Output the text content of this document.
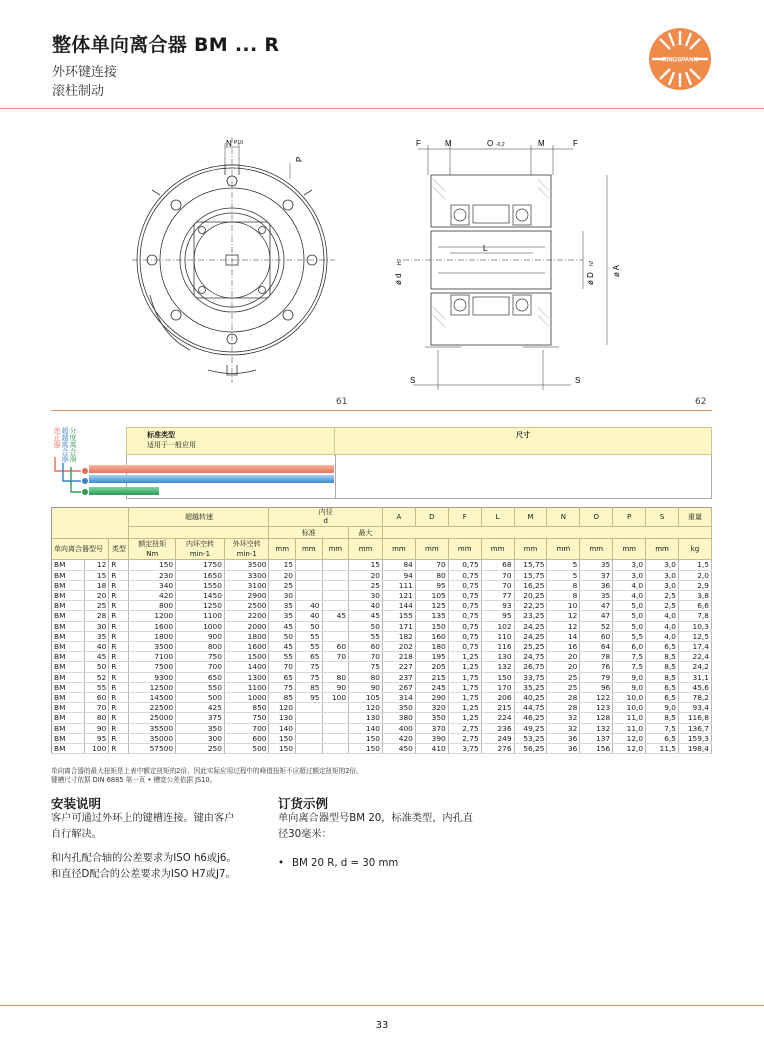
整体单向离合器 BM ... R
外环键连接
滚柱制动
RINGSPANN
N P10
P
F	M	O -0,2	M	F
L
ø d
H7
ø D
h7
ø A
S	S
61	62
逆止器 超越离合器 分度离合器	标准类型
适用于一般应用
尺寸
			超越转速			内径
d				A	D	F	L	M	N	O	P	S	重量
						标准			最大										
单向离合器型号		类型	额定扭矩
Nm	内环空转
min-1	外环空转
min-1	mm	mm	mm	mm	mm	mm	mm	mm	mm	mm	mm	mm	mm	kg
BM	12	R	150	1750	3500	15			15	84	70	0,75	68	15,75	5	35	3,0	3,0	1,5
BM	15	R	230	1650	3300	20			20	94	80	0,75	70	15,75	5	37	3,0	3,0	2,0
BM	18	R	340	1550	3100	25			25	111	95	0,75	70	16,25	8	36	4,0	3,0	2,9
BM	20	R	420	1450	2900	30			30	121	105	0,75	77	20,25	8	35	4,0	2,5	3,8
BM	25	R	800	1250	2500	35	40		40	144	125	0,75	93	22,25	10	47	5,0	2,5	6,6
BM	28	R	1200	1100	2200	35	40	45	45	155	135	0,75	95	23,25	12	47	5,0	4,0	7,8
BM	30	R	1600	1000	2000	45	50		50	171	150	0,75	102	24,25	12	52	5,0	4,0	10,3
BM	35	R	1800	900	1800	50	55		55	182	160	0,75	110	24,25	14	60	5,5	4,0	12,5
BM	40	R	3500	800	1600	45	55	60	60	202	180	0,75	116	25,25	16	64	6,0	6,5	17,4
BM	45	R	7100	750	1500	55	65	70	70	218	195	1,25	130	24,75	20	78	7,5	8,5	22,4
BM	50	R	7500	700	1400	70	75		75	227	205	1,25	132	26,75	20	76	7,5	8,5	24,2
BM	52	R	9300	650	1300	65	75	80	80	237	215	1,75	150	33,75	25	79	9,0	8,5	31,1
BM	55	R	12500	550	1100	75	85	90	90	267	245	1,75	170	35,25	25	96	9,0	6,5	45,6
BM	60	R	14500	500	1000	85	95	100	105	314	290	1,75	206	40,25	28	122	10,0	6,5	78,2
BM	70	R	22500	425	850	120			120	350	320	1,25	215	44,75	28	123	10,0	9,0	93,4
BM	80	R	25000	375	750	130			130	380	350	1,25	224	46,25	32	128	11,0	8,5	116,8
BM	90	R	35500	350	700	140			140	400	370	2,75	236	49,25	32	132	11,0	7,5	136,7
BM	95	R	35000	300	600	150			150	420	390	2,75	249	53,25	36	137	12,0	6,5	159,3
BM	100	R	57500	250	500	150			150	450	410	3,75	276	56,25	36	156	12,0	11,5	198,4
单向离合器的最大扭矩是上表中额定扭矩的2倍，因此实际应用过程中的峰值扭矩不应超过额定扭矩的2倍。
键槽尺寸依据 DIN 6885 第一页 • 槽宽公差依据 JS10。
安装说明
客户可通过外环上的键槽连接。键由客户
自行解决。
和内孔配合轴的公差要求为ISO h6或j6。
和直径D配合的公差要求为ISO H7或J7。
订货示例
单向离合器型号BM 20，标准类型，内孔直
径30毫米：
• BM 20 R, d = 30 mm
33
